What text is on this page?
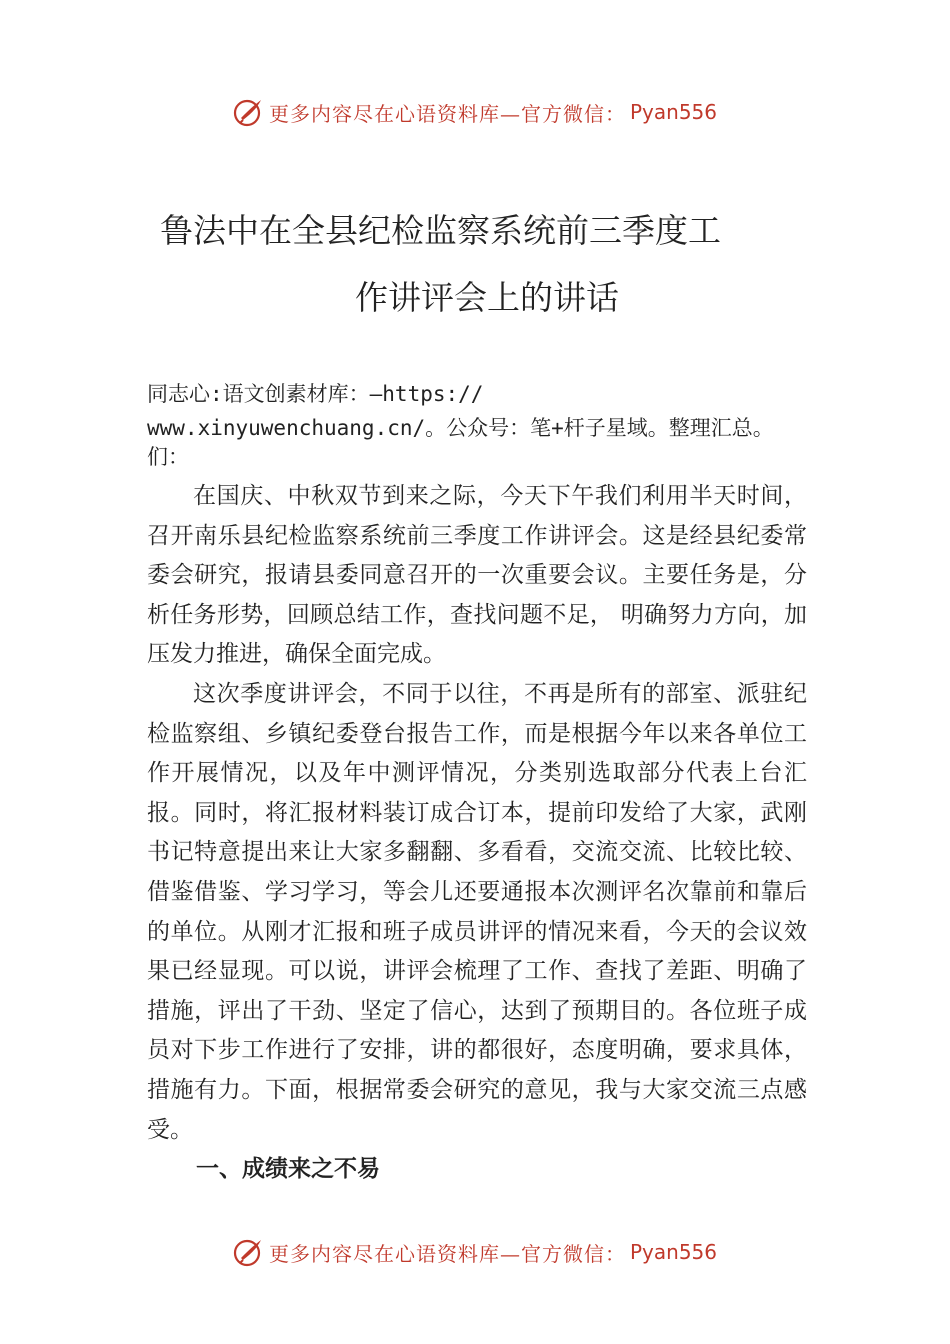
更多内容尽在心语资料库—官方微信： Pyan556
鲁法中在全县纪检监察系统前三季度工
作讲评会上的讲话
同志心:语文创素材库：—https://
www.xinyuwenchuang.cn/。公众号：笔+杆子星域。整理汇总。
们：

在国庆、中秋双节到来之际，今天下午我们利用半天时间，召开南乐县纪检监察系统前三季度工作讲评会。这是经县纪委常委会研究，报请县委同意召开的一次重要会议。主要任务是，分析任务形势，回顾总结工作，查找问题不足， 明确努力方向，加压发力推进，确保全面完成。

这次季度讲评会，不同于以往，不再是所有的部室、派驻纪检监察组、乡镇纪委登台报告工作，而是根据今年以来各单位工作开展情况，以及年中测评情况，分类别选取部分代表上台汇报。同时，将汇报材料装订成合订本，提前印发给了大家，武刚书记特意提出来让大家多翻翻、多看看，交流交流、比较比较、借鉴借鉴、学习学习，等会儿还要通报本次测评名次靠前和靠后的单位。从刚才汇报和班子成员讲评的情况来看，今天的会议效果已经显现。可以说，讲评会梳理了工作、查找了差距、明确了措施，评出了干劲、坚定了信心，达到了预期目的。各位班子成员对下步工作进行了安排，讲的都很好，态度明确，要求具体，措施有力。下面，根据常委会研究的意见，我与大家交流三点感受。

一、成绩来之不易
更多内容尽在心语资料库—官方微信： Pyan556
